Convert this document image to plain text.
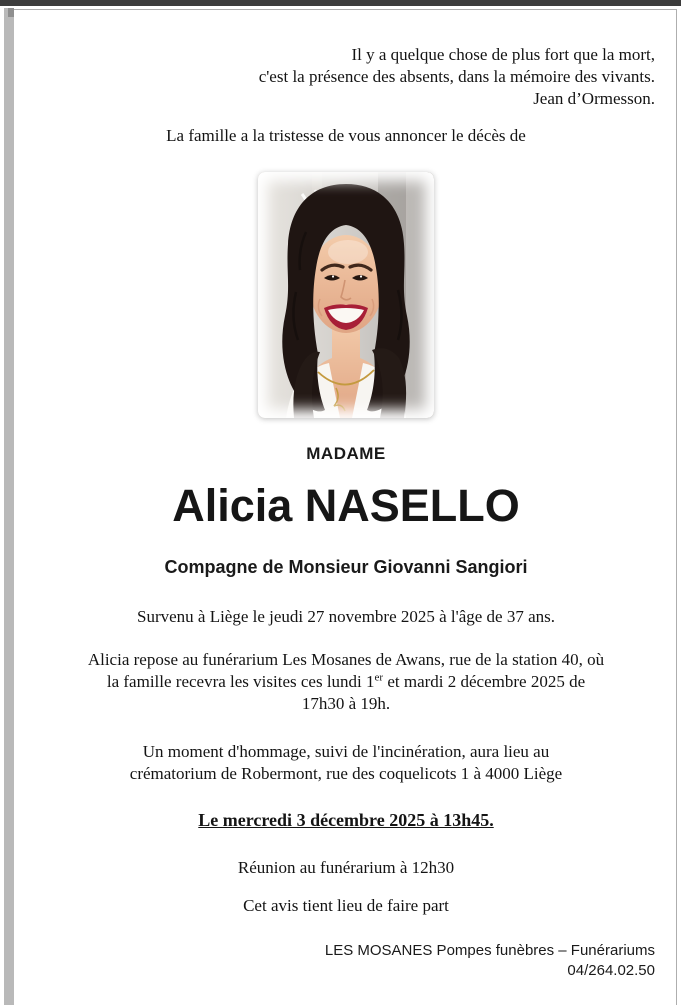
Il y a quelque chose de plus fort que la mort,
c'est la présence des absents, dans la mémoire des vivants.
Jean d’Ormesson.
La famille a la tristesse de vous annoncer le décès de
MADAME
Alicia NASELLO
Compagne de Monsieur Giovanni Sangiori
Survenu à Liège le jeudi 27 novembre 2025 à l'âge de 37 ans.
Alicia repose au funérarium Les Mosanes de Awans, rue de la station 40, où
la famille recevra les visites ces lundi 1er et mardi 2 décembre 2025 de
17h30 à 19h.
Un moment d'hommage, suivi de l'incinération, aura lieu au
crématorium de Robermont, rue des coquelicots 1 à 4000 Liège
Le mercredi 3 décembre 2025 à 13h45.
Réunion au funérarium à 12h30
Cet avis tient lieu de faire part
LES MOSANES Pompes funèbres – Funérariums
04/264.02.50
